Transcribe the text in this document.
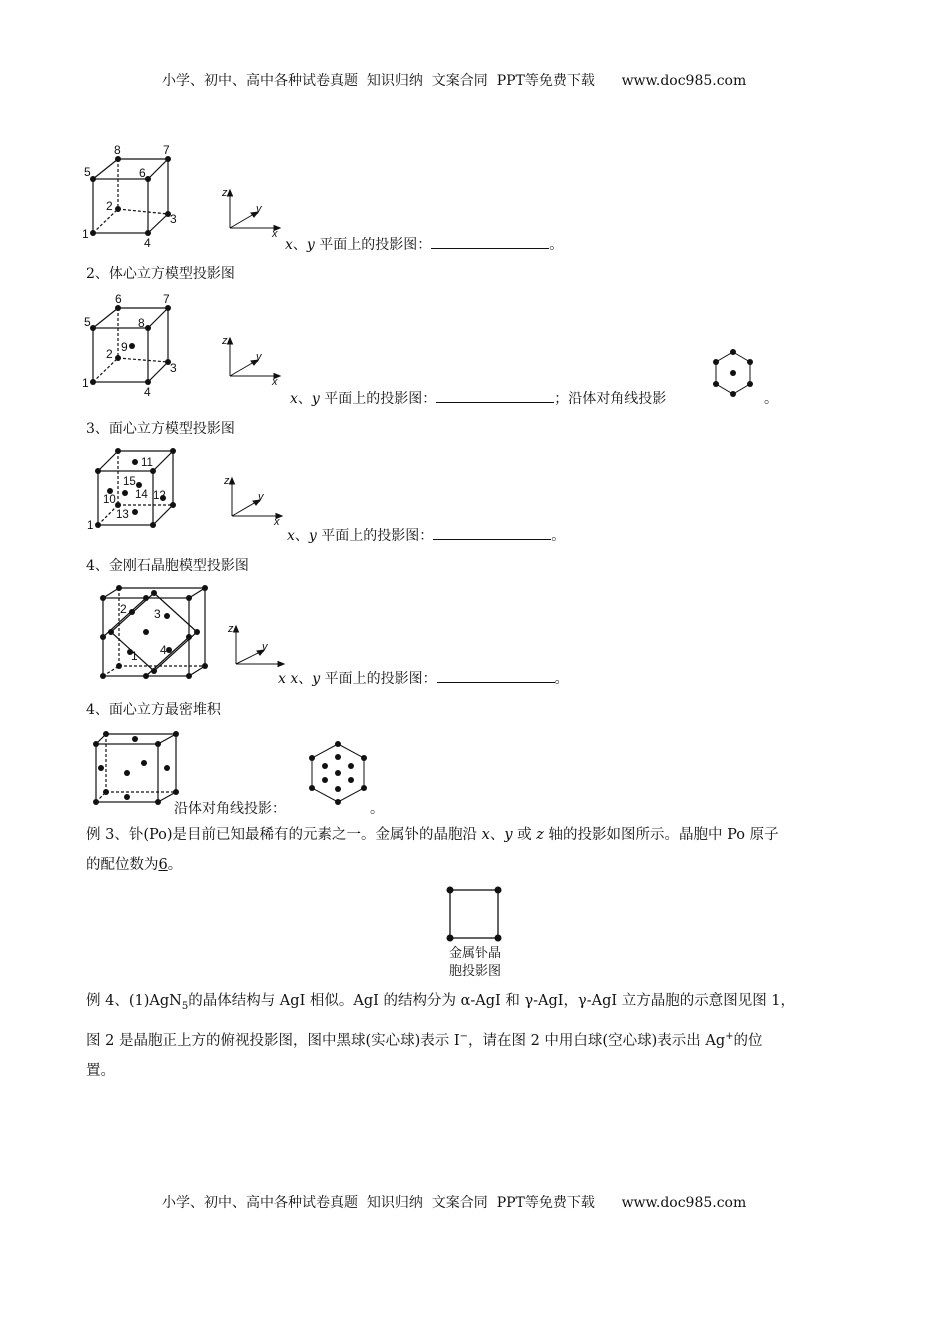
小学、初中、高中各种试卷真题  知识归纳  文案合同  PPT等免费下载      www.doc985.com
1
2
3
4
5	6
7
8
z
y
x
x、y 平面上的投影图：	。
2、体心立方模型投影图
1
2
3
4
5
6	7
8
9	z
y
x
x、y 平面上的投影图：	；沿体对角线投影	。
3、面心立方模型投影图
1
10
11
12
13
14
15	z
y
x
x、y 平面上的投影图：	。
4、金刚石晶胞模型投影图
1
2 3
4
z
y
x x、y 平面上的投影图：	。
4、面心立方最密堆积
沿体对角线投影：	。
例 3、钋(Po)是目前已知最稀有的元素之一。金属钋的晶胞沿 x、y 或 z 轴的投影如图所示。晶胞中 Po 原子
的配位数为6。
金属钋晶
胞投影图
例 4、(1)AgN$_5$的晶体结构与 AgI 相似。AgI 的结构分为 α-AgI 和 γ-AgI，γ-AgI 立方晶胞的示意图见图 1，
图 2 是晶胞正上方的俯视投影图，图中黑球(实心球)表示 I−，请在图 2 中用白球(空心球)表示出 Ag+的位
置。
小学、初中、高中各种试卷真题  知识归纳  文案合同  PPT等免费下载      www.doc985.com
